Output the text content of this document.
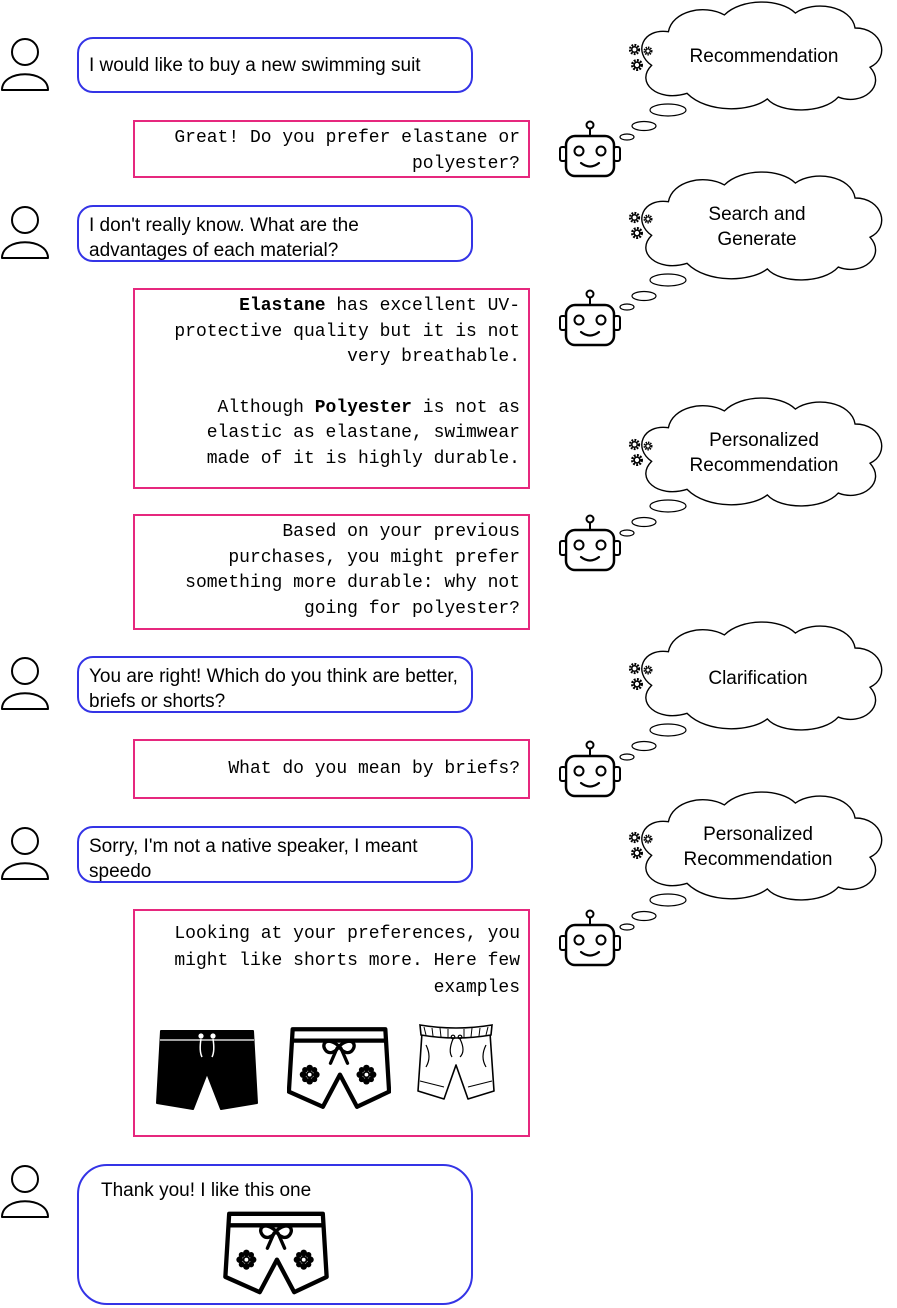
I would like to buy a new swimming suit
I don't really know. What are the advantages of each material?
You are right! Which do you think are better, briefs or shorts?
Sorry, I'm not a native speaker, I meant speedo
Thank you! I like this one

Great! Do you prefer elastane or polyester?

Elastane has excellent UV-protective quality but it is not very breathable.

Although Polyester is not as elastic as elastane, swimwear made of it is highly durable.

Based on your previous purchases, you might prefer something more durable: why not going for polyester?

What do you mean by briefs?

Looking at your preferences, you might like shorts more. Here few examples

Recommendation
Search and Generate
Personalized Recommendation
Clarification
Personalized Recommendation
